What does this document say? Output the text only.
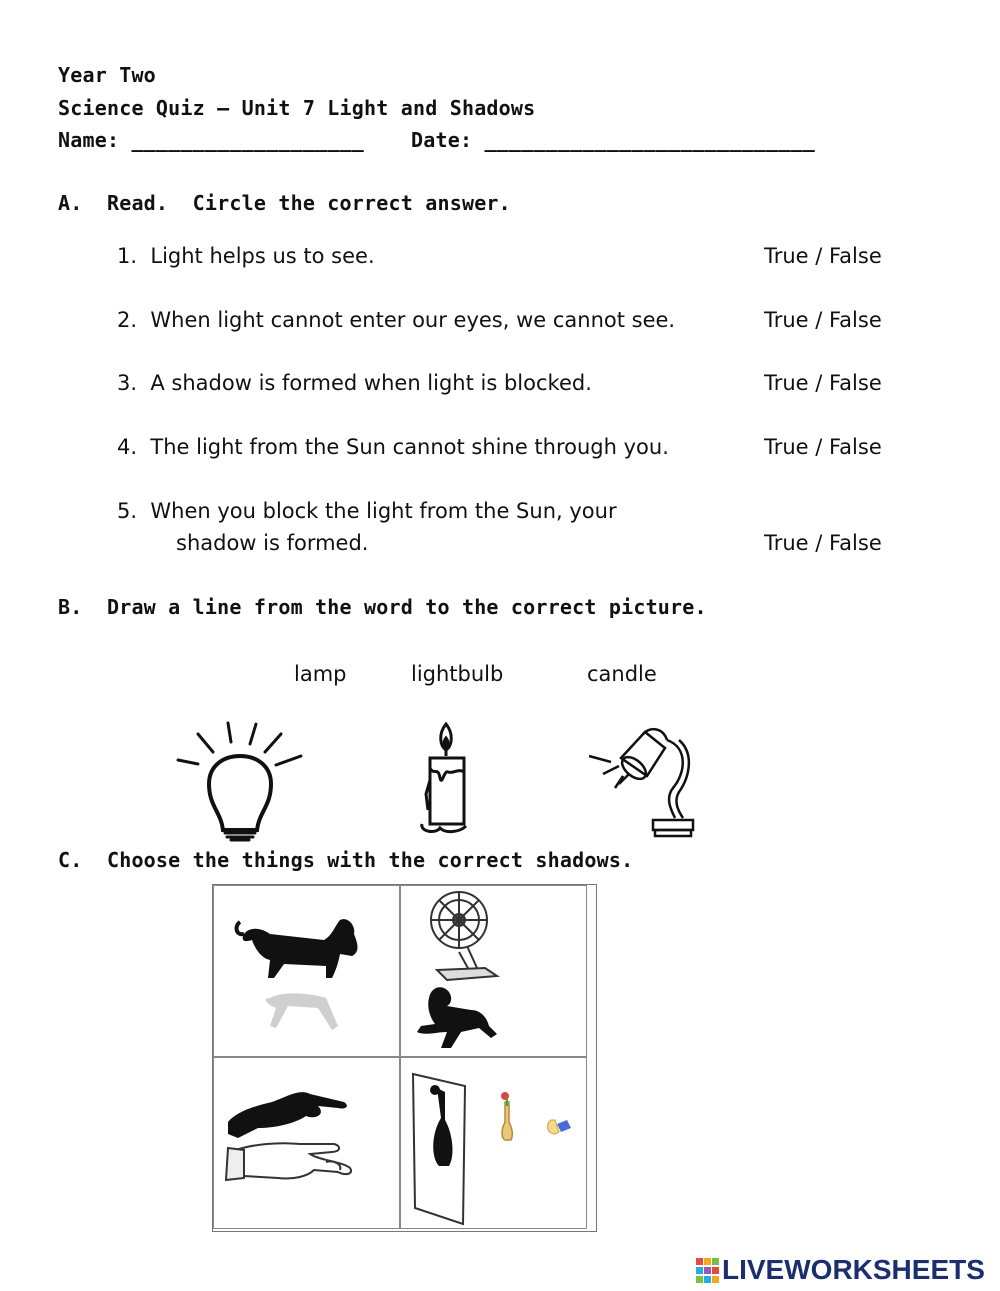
Year Two
Science Quiz – Unit 7 Light and Shadows
Name: ___________________ Date: ___________________________
A.  Read.  Circle the correct answer.
1.  Light helps us to see.	True / False
2.  When light cannot enter our eyes, we cannot see.	True / False
3.  A shadow is formed when light is blocked.	True / False
4.  The light from the Sun cannot shine through you.	True / False
5.  When you block the light from the Sun, your
shadow is formed.	True / False
B.  Draw a line from the word to the correct picture.
lamp	lightbulb	candle
C.  Choose the things with the correct shadows.
LIVEWORKSHEETS
